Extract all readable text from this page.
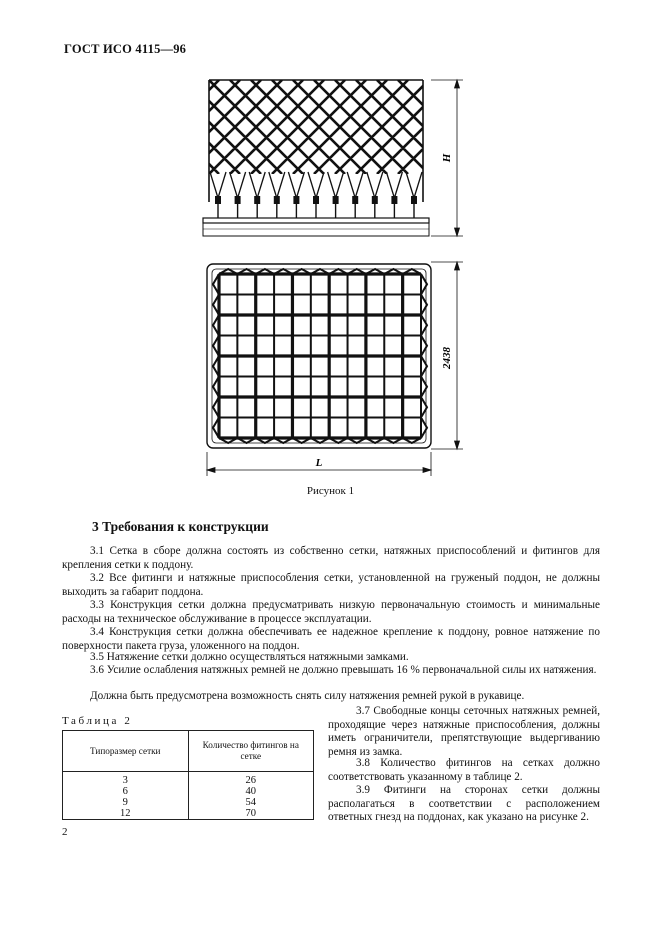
ГОСТ ИСО 4115—96
H
2438
L
Рисунок 1
3 Требования к конструкции
3.1 Сетка в сборе должна состоять из собственно сетки, натяжных приспособлений и фитингов для крепления сетки к поддону.
3.2 Все фитинги и натяжные приспособления сетки, установленной на груженый поддон, не должны выходить за габарит поддона.
3.3 Конструкция сетки должна предусматривать низкую первоначальную стоимость и минимальные расходы на техническое обслуживание в процессе эксплуатации.
3.4 Конструкция сетки должна обеспечивать ее надежное крепление к поддону, ровное натяжение по поверхности пакета груза, уложенного на поддон.
3.5 Натяжение сетки должно осуществляться натяжными замками.
3.6 Усилие ослабления натяжных ремней не должно превышать 16 % первоначальной силы их натяжения.
Должна быть предусмотрена возможность снять силу натяжения ремней рукой в рукавице.
Таблица 2
Типоразмер сетки	Количество фитингов на сетке
3	26
6	40
9	54
12	70
3.7 Свободные концы сеточных натяжных ремней, проходящие через натяжные приспособления, должны иметь ограничители, препятствующие выдергиванию ремня из замка.
3.8 Количество фитингов на сетках должно соответствовать указанному в таблице 2.
3.9 Фитинги на сторонах сетки должны располагаться в соответствии с расположением ответных гнезд на поддонах, как указано на рисунке 2.
2
